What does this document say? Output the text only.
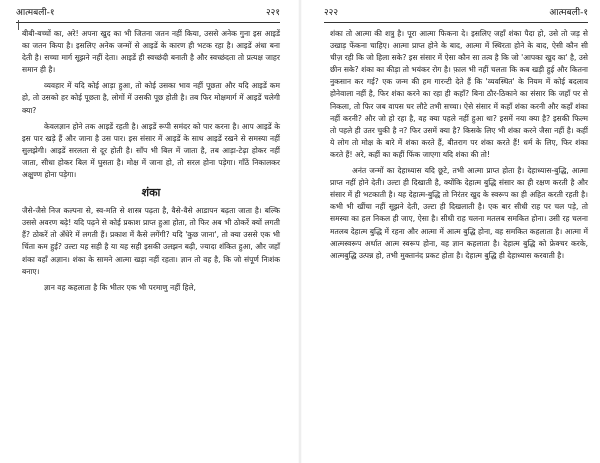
आत्मबली-१	२२१

बीबी-बच्चों का, अरे! अपना खुद का भी जितना जतन नहीं किया, उससे अनेक गुना इस आइडें का जतन किया है। इसलिए अनेक जन्मों से आइडें के कारण ही भटक रहा है। आइडें अंधा बना देती है। सच्चा मार्ग सूझने नहीं देता। आइडें ही स्वच्छंदी बनाती है और स्वच्छंदता तो प्रत्यक्ष जाहर समान ही है।

व्यवहार में यदि कोई आड़ा हुआ, तो कोई उसका भाव नहीं पूछता और यदि आइडें कम हो, तो उसको हर कोई पूछता है, लोगों में उसकी पूछ होती है। तब फिर मोक्षमार्ग में आइडें चलेगी क्या?

केवलज्ञान होने तक आइडें रहती है। आइडें रूपी समंदर को पार करना है। आप आइडें के इस पार खड़े हैं और जाना है उस पार। इस संसार में आइडें के साथ आइडें रखने से समस्या नहीं सुलझेगी। आइडें सरलता से दूर होती है। साँप भी बिल में जाता है, तब आड़ा-टेढ़ा होकर नहीं जाता, सीधा होकर बिल में घुसता है। मोक्ष में जाना हो, तो सरल होना पड़ेगा। गाँठें निकालकर अक्षुण्ण होना पड़ेगा।

शंका

जैसे-जैसे निज कल्पना से, स्व-मति से शास्त्र पढ़ता है, वैसे-वैसे आडापन बढ़ता जाता है। बल्कि उससे अवरण बढ़े! यदि पढ़ने से कोई प्रकाश प्राप्त हुआ होता, तो फिर अब भी ठोकरें क्यों लगती हैं? ठोकरें तो अँधेरे में लगती हैं। प्रकाश में कैसे लगेंगी? यदि 'कुछ जाना', तो क्या उससे एक भी चिंता कम हुई? उल्टा यह सही है या यह सही इसकी उलझन बढ़ी, ज्यादा शंकित हुआ, और जहाँ शंका वहाँ अज्ञान। शंका के सामने आत्मा खड़ा नहीं रहता। ज्ञान तो वह है, कि जो संपूर्ण निःशंक बनाए।

ज्ञान वह कहलाता है कि भीतर एक भी परमाणु नहीं हिले,

२२२	आत्मबली-१

शंका तो आत्मा की शत्रु है। पूरा आत्मा फिकना दे। इसलिए जहाँ शंका पैदा हो, उसे तो जड़ से उखाड़ फेंकना चाहिए। आत्मा प्राप्त होने के बाद, आत्मा में स्थिरता होने के बाद, ऐसी कौन सी चीज़ रही कि जो हिला सके? इस संसार में ऐसा कौन सा तत्व है कि जो 'आपका खुद का' है, उसे छीन सके? शंका का कीड़ा तो भयंकर रोग है। फ़ाल भी नहीं चलता कि कब खड़ी हुई और कितना नुकसान कर गई? एक जन्म की हम गारन्टी देते हैं कि 'व्यवस्थित' के नियम में कोई बदलाव होनेवाला नहीं है, फिर शंका करने का रहा ही कहाँ? बिना ठौर-ठिकाने का संसार कि जहाँ पर से निकला, तो फिर जब वापस घर लौटे तभी सच्चा। ऐसे संसार में कहाँ शंका करनी और कहाँ शंका नहीं करनी? और जो हो रहा है, वह क्या पहले नहीं हुआ था? इसमें नया क्या है? इसकी फिल्म तो पहले ही उतर चुकी है न? फिर उसमें क्या है? किसके लिए भी शंका करने जैसा नहीं है। कहीं ये लोग तो मोक्ष के बारे में शंका करते हैं, बीतराग पर शंका करते हैं! धर्म के लिए, फिर शंका करते हैं! अरे, कहीं का कहीं फिंक जाएगा यदि शंका की तो!

अनंत जन्मों का देहाध्यास यदि छूटे, तभी आत्मा प्राप्त होता है। देहाध्यास-बुद्धि, आत्मा प्राप्त नहीं होने देती। उल्टा ही दिखाती है, क्योंकि देहात्म बुद्धि संसार का ही रक्षण करती है और संसार में ही भटकाती है। यह देहात्म-बुद्धि तो निरंतर खुद के स्वरूप का ही अहित करती रहती है। कभी भी खींचा नहीं सूझने देती, उल्टा ही दिखलाती है। एक बार सीधी राह पर चल पड़े, तो समस्या का हल निकल ही जाए, ऐसा है। सीधी राह चलना मतलब समकित होना। उसी रह चलना मतलब देहात्म बुद्धि में रहना और आत्मा में आत्म बुद्धि होना, वह समकित कहलाता है। आत्मा में आत्मस्वरूप अर्थात आत्म स्वरूप होना, वह ज्ञान कहलाता है। देहात्म बुद्धि को फ्रेक्चर करके, आत्मबुद्धि उत्पन्न हो, तभी मुक्तानंद प्रकट होता है। देहात्म बुद्धि ही देहाध्यास करवाती है।
